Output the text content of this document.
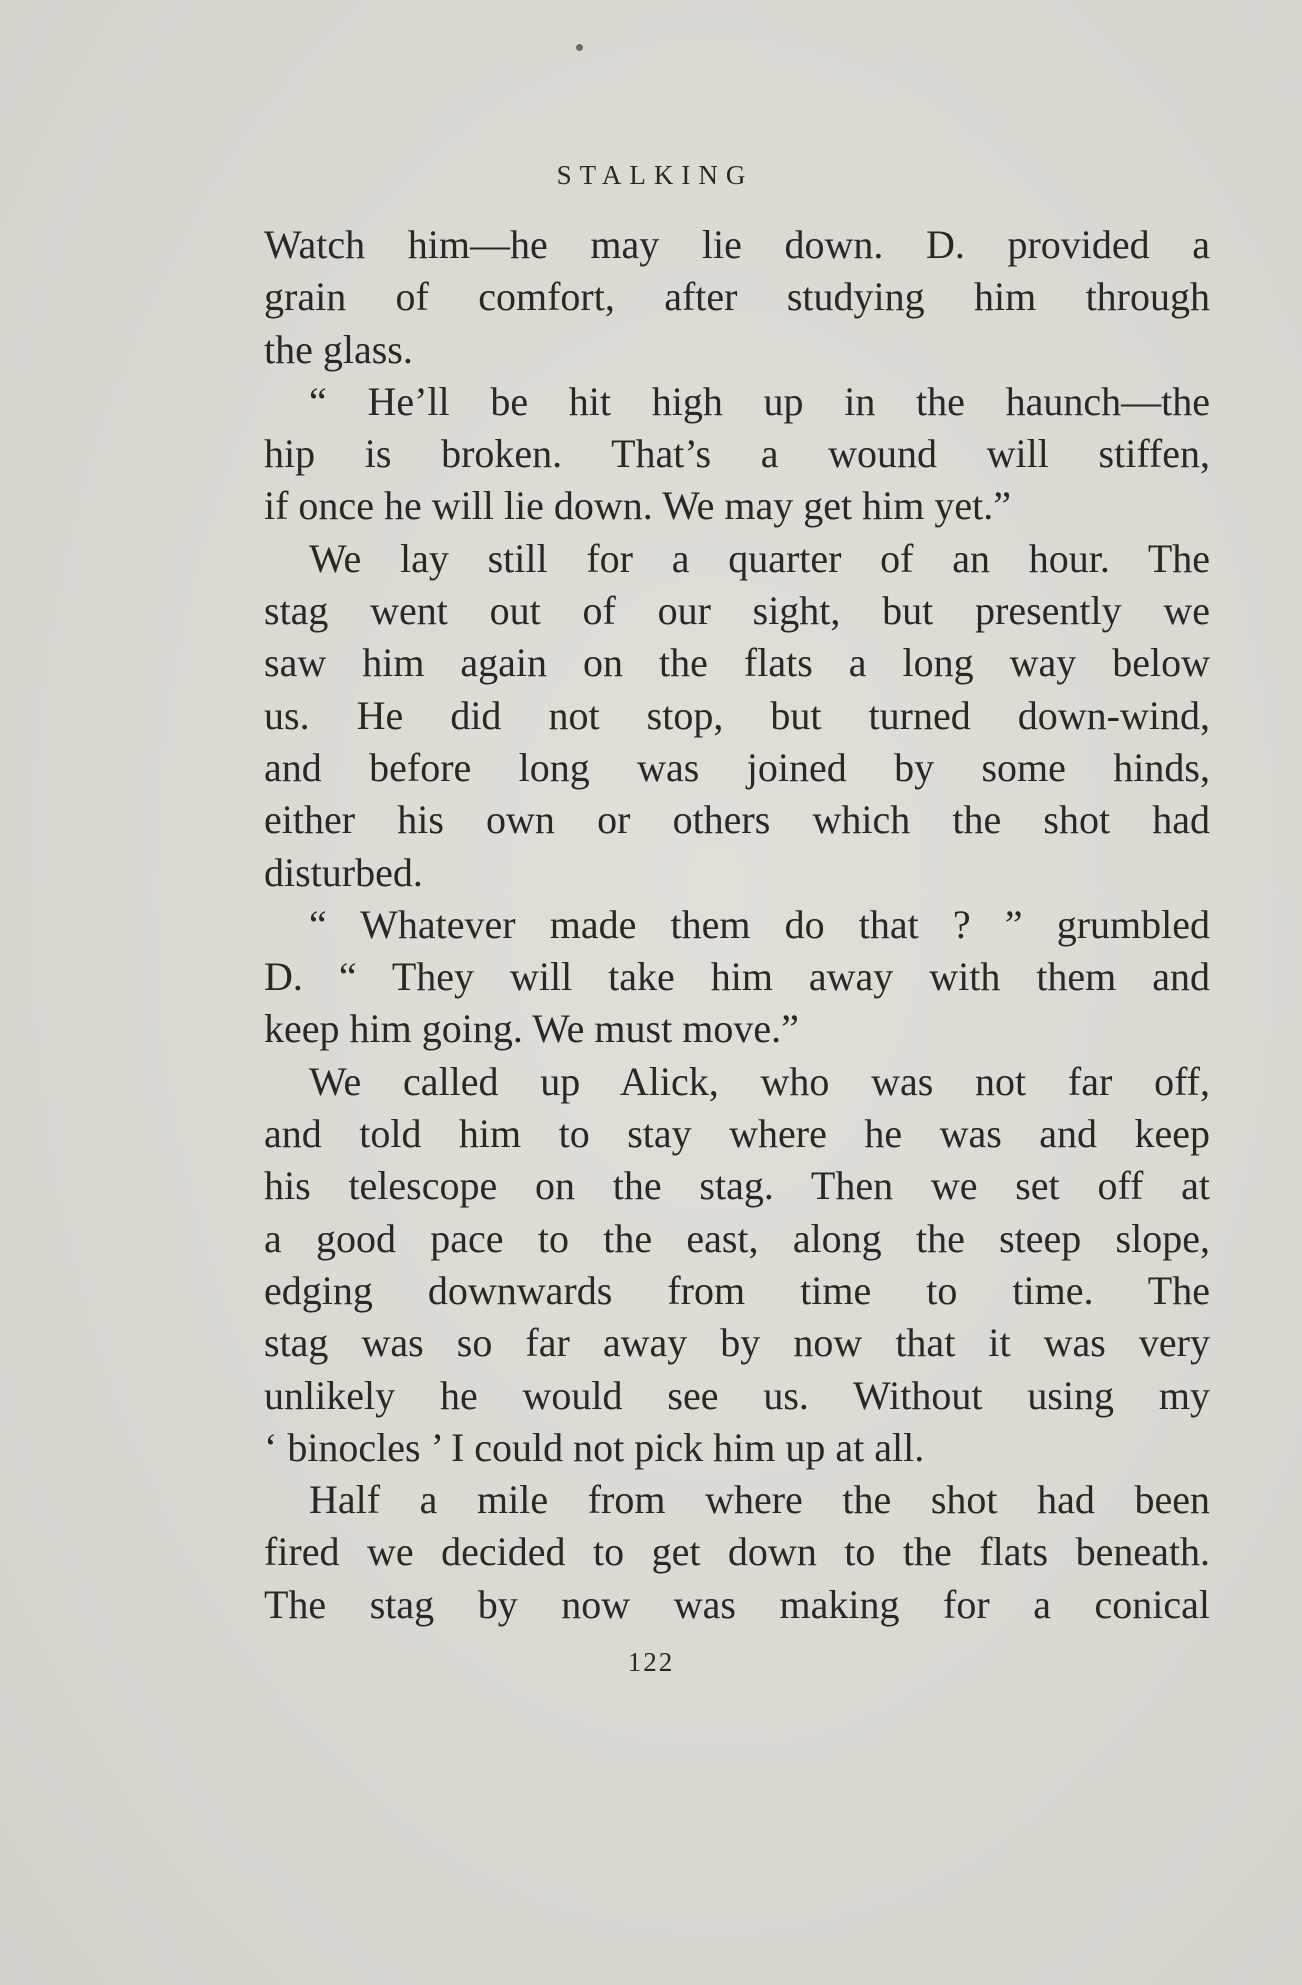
STALKING

Watch him—he may lie down. D. provided a
grain of comfort, after studying him through
the glass.

“ He’ll be hit high up in the haunch—the
hip is broken. That’s a wound will stiffen,
if once he will lie down. We may get him yet.”

We lay still for a quarter of an hour. The
stag went out of our sight, but presently we
saw him again on the flats a long way below
us. He did not stop, but turned down-wind,
and before long was joined by some hinds,
either his own or others which the shot had
disturbed.

“ Whatever made them do that ? ” grumbled
D. “ They will take him away with them and
keep him going. We must move.”

We called up Alick, who was not far off,
and told him to stay where he was and keep
his telescope on the stag. Then we set off at
a good pace to the east, along the steep slope,
edging downwards from time to time. The
stag was so far away by now that it was very
unlikely he would see us. Without using my
‘ binocles ’ I could not pick him up at all.

Half a mile from where the shot had been
fired we decided to get down to the flats beneath.
The stag by now was making for a conical

122
